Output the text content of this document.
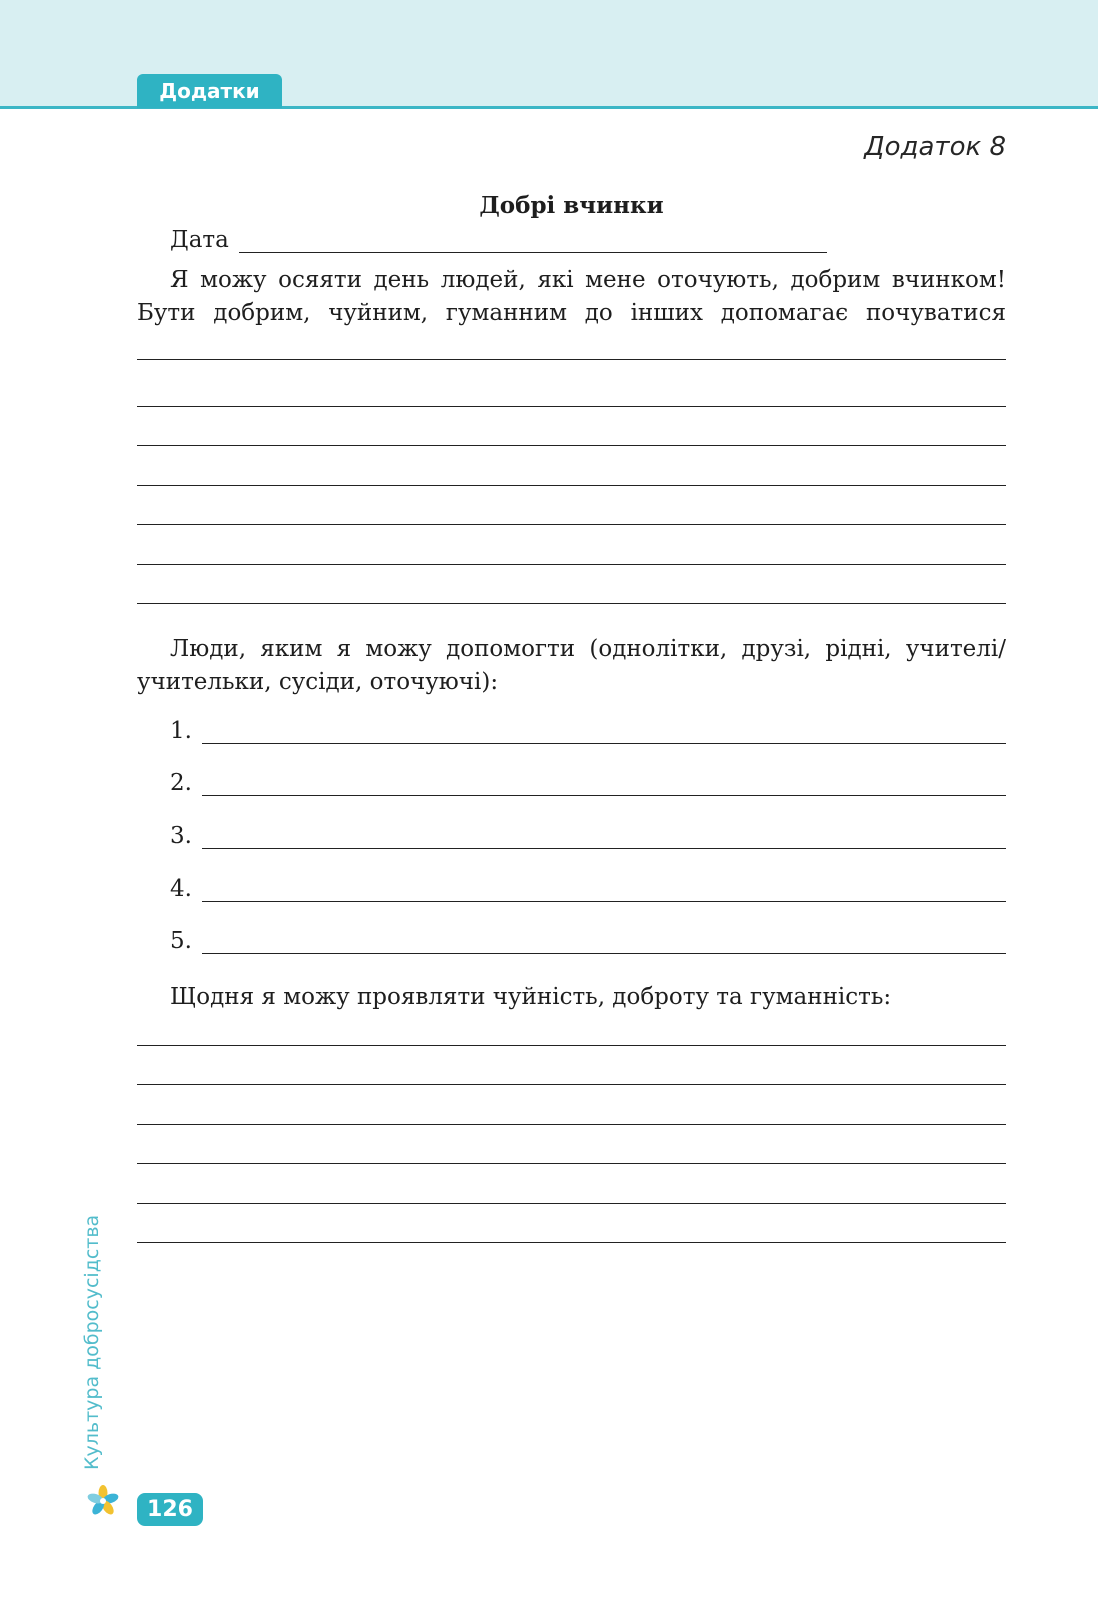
Додатки
Додаток 8
Добрі вчинки
Дата

Я можу осяяти день людей, які мене оточують, добрим вчинком!

Бути добрим, чуйним, гуманним до інших допомагає почуватися

Люди, яким я можу допомогти (однолітки, друзі, рідні, учителі/учительки, сусіди, оточуючі):

1.
2.
3.
4.
5.

Щодня я можу проявляти чуйність, доброту та гуманність:

Культура добросусідства
126
